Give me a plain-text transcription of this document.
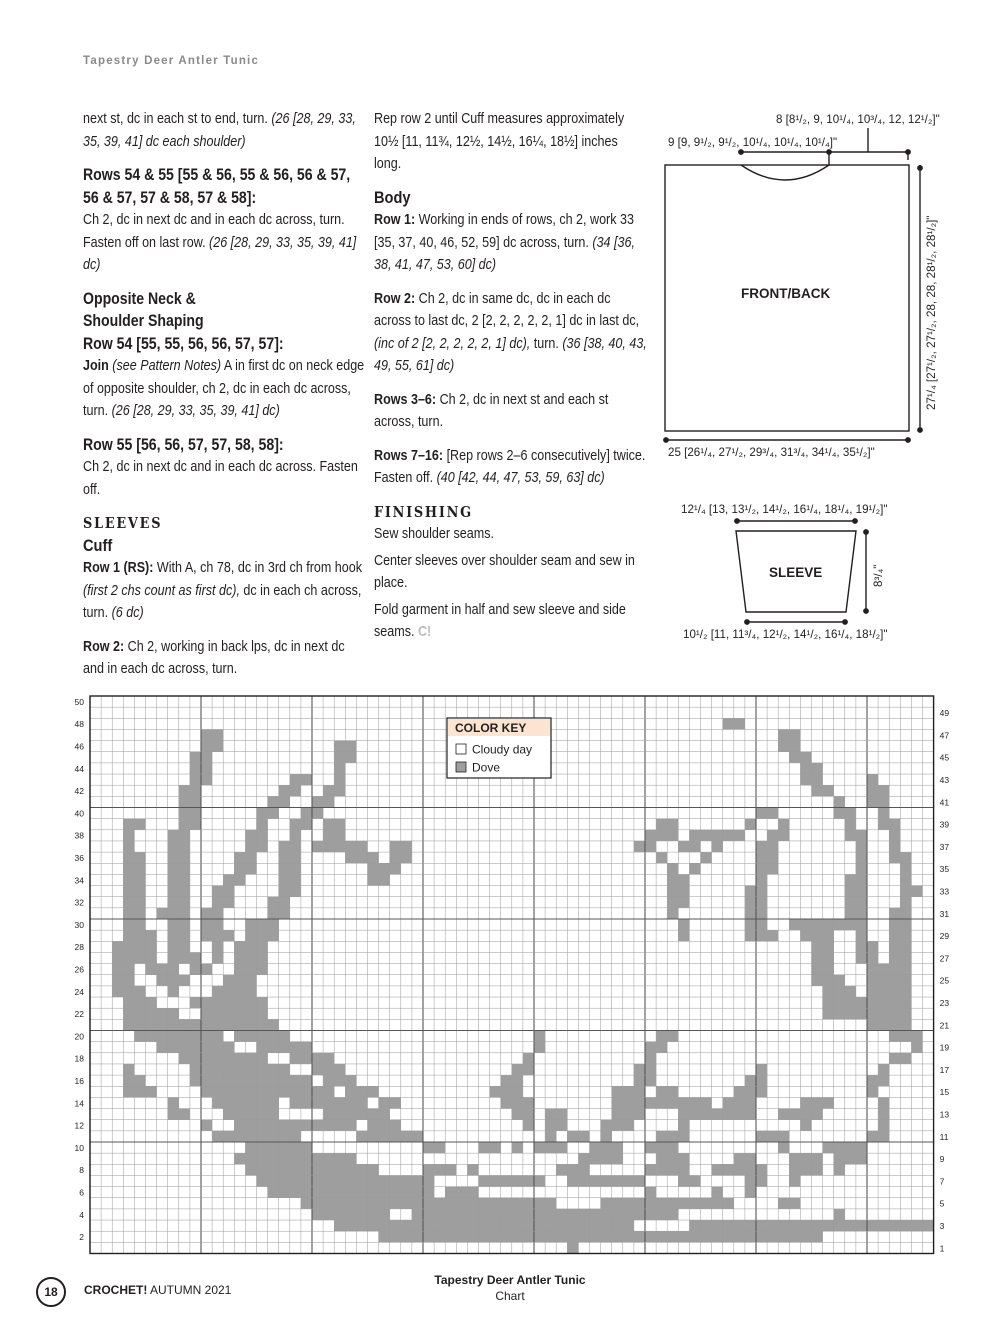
Tapestry Deer Antler Tunic

next st, dc in each st to end, turn. (26 [28, 29, 33, 35, 39, 41] dc each shoulder)

Rows 54 & 55 [55 & 56, 55 & 56, 56 & 57, 56 & 57, 57 & 58, 57 & 58]:
Ch 2, dc in next dc and in each dc across, turn. Fasten off on last row. (26 [28, 29, 33, 35, 39, 41] dc)

Opposite Neck &
Shoulder Shaping
Row 54 [55, 55, 56, 56, 57, 57]:
Join (see Pattern Notes) A in first dc on neck edge of opposite shoulder, ch 2, dc in each dc across, turn. (26 [28, 29, 33, 35, 39, 41] dc)

Row 55 [56, 56, 57, 57, 58, 58]:
Ch 2, dc in next dc and in each dc across. Fasten off.

SLEEVES
Cuff
Row 1 (RS): With A, ch 78, dc in 3rd ch from hook (first 2 chs count as first dc), dc in each ch across, turn. (6 dc)

Row 2: Ch 2, working in back lps, dc in next dc and in each dc across, turn.

Rep row 2 until Cuff measures approximately 10½ [11, 11¾, 12½, 14½, 16¼, 18½] inches long.

Body
Row 1: Working in ends of rows, ch 2, work 33 [35, 37, 40, 46, 52, 59] dc across, turn. (34 [36, 38, 41, 47, 53, 60] dc)

Row 2: Ch 2, dc in same dc, dc in each dc across to last dc, 2 [2, 2, 2, 2, 2, 1] dc in last dc, (inc of 2 [2, 2, 2, 2, 2, 1] dc), turn. (36 [38, 40, 43, 49, 55, 61] dc)

Rows 3–6: Ch 2, dc in next st and each st across, turn.

Rows 7–16: [Rep rows 2–6 consecutively] twice. Fasten off. (40 [42, 44, 47, 53, 59, 63] dc)

FINISHING
Sew shoulder seams.

Center sleeves over shoulder seam and sew in place.

Fold garment in half and sew sleeve and side seams. C!

8 [8¹/₂, 9, 10¹/₄, 10³/₄, 12, 12¹/₂]"
9 [9, 9¹/₂, 9¹/₂, 10¹/₄, 10¹/₄, 10¹/₄]"
FRONT/BACK	27¹/₄ [27¹/₂, 27¹/₂, 28, 28, 28¹/₂, 28¹/₂]"
25 [26¹/₄, 27¹/₂, 29³/₄, 31³/₄, 34¹/₄, 35¹/₂]"
12¹/₄ [13, 13¹/₂, 14¹/₂, 16¹/₄, 18¹/₄, 19¹/₂]"
SLEEVE	8³/₄"
10¹/₂ [11, 11³/₄, 12¹/₂, 14¹/₂, 16¹/₄, 18¹/₂]"
2
4
6
8
10
12
14
16
18
20
22
24
26
28
30
32
34
36
38
40
42
44
46
48
50
1
3
5
7
9
11
13
15
17
19
21
23
25
27
29
31
33
35
37
39
41
43
45
47
49
COLOR KEY
Cloudy day
Dove
18	CROCHET! AUTUMN 2021
Tapestry Deer Antler Tunic
Chart
